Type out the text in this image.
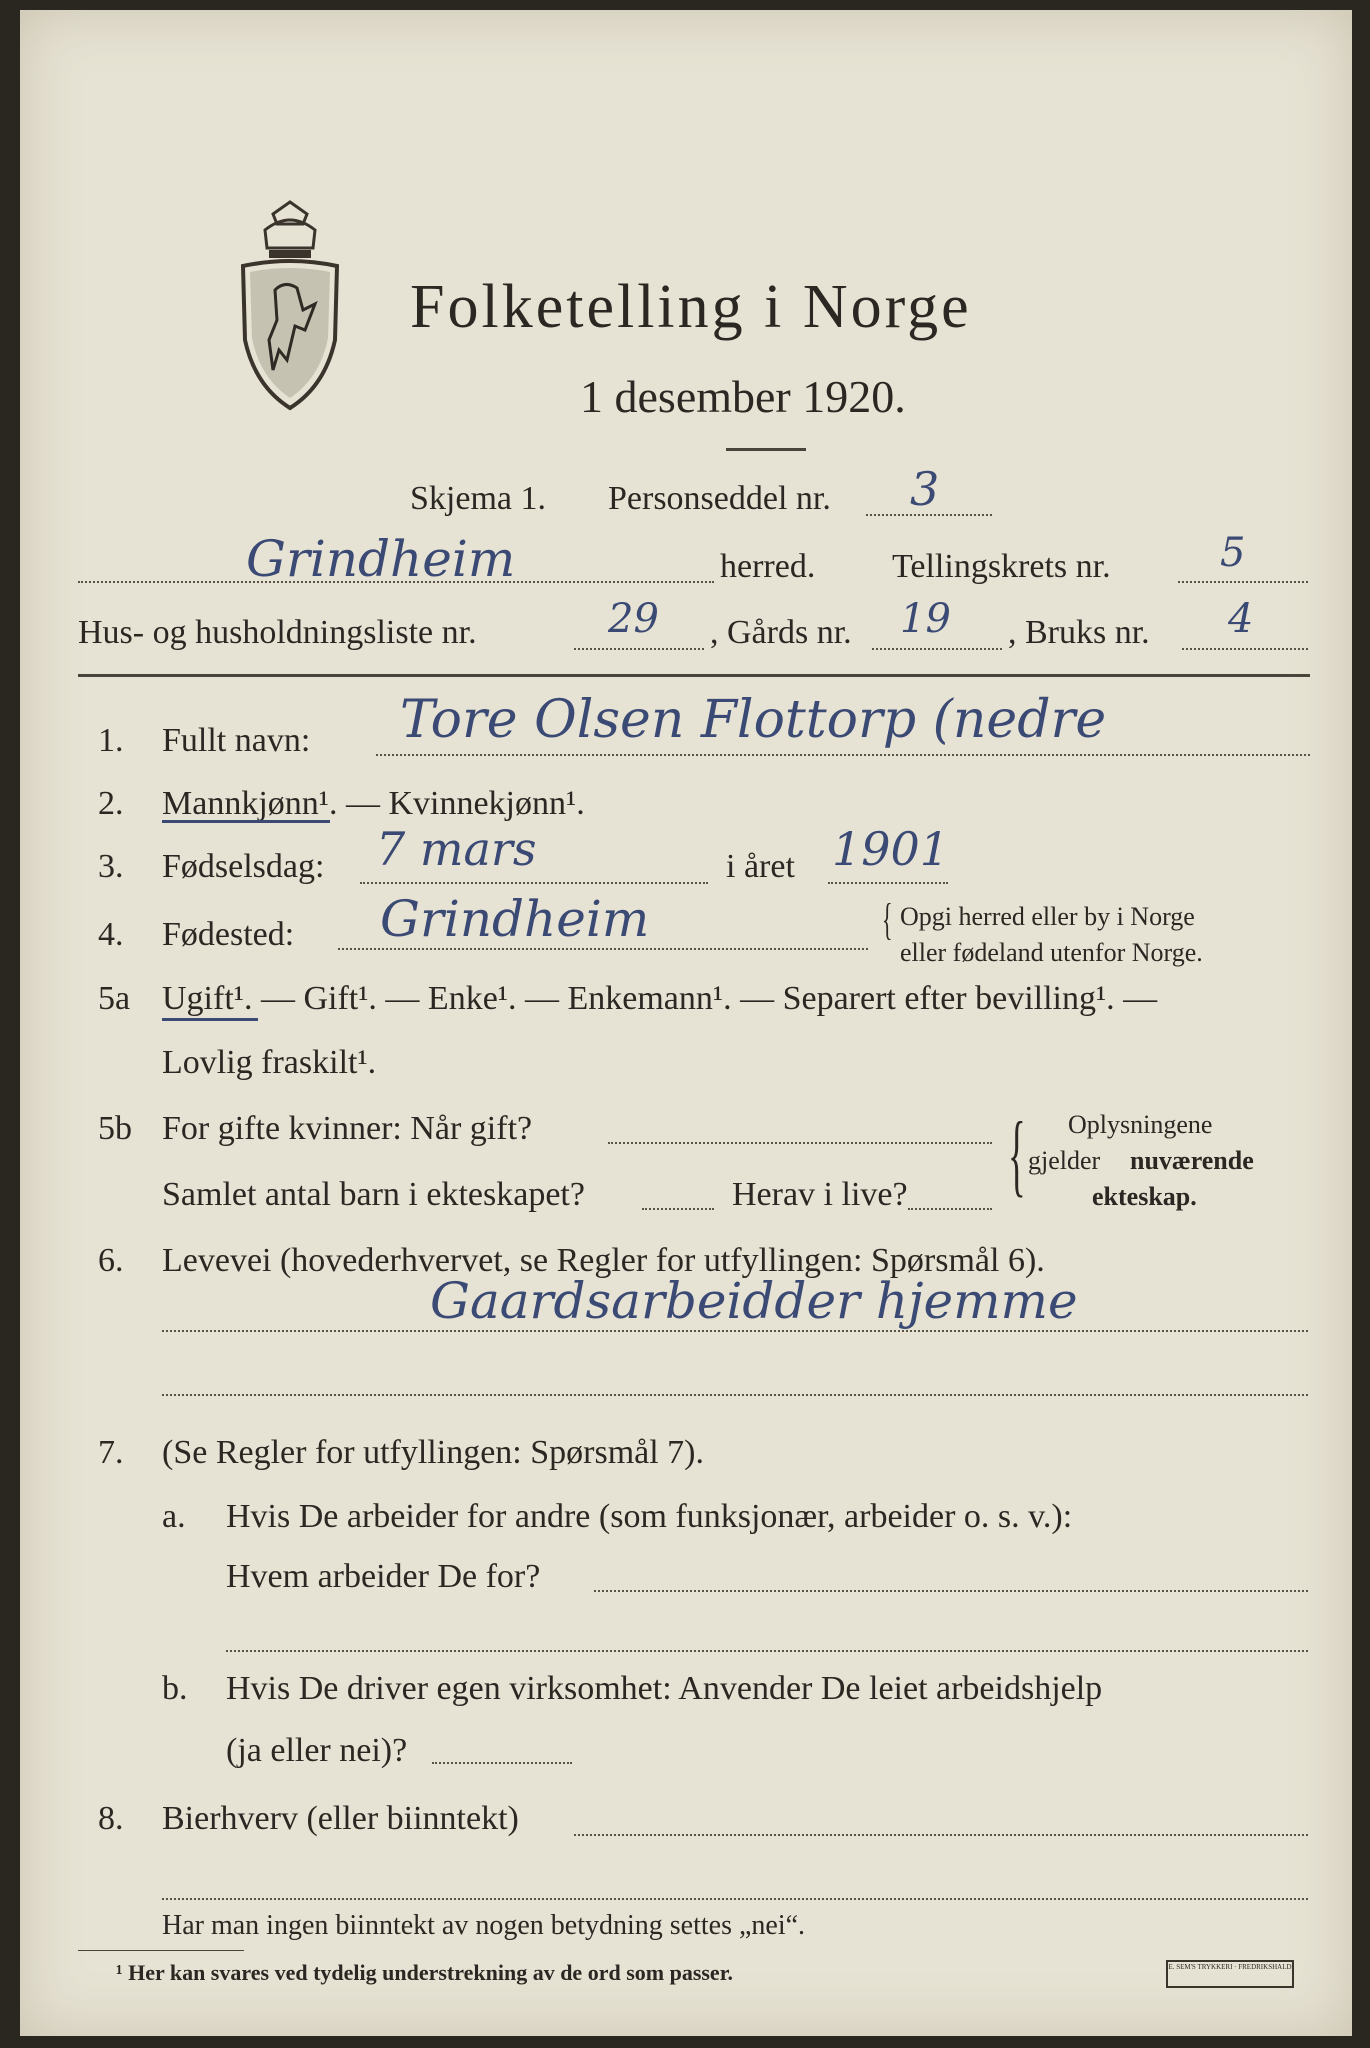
Folketelling i Norge
1 desember 1920.
Skjema 1. Personseddel nr. 3
Grindheim	herred. Tellingskrets nr.	5
Hus- og husholdningsliste nr.	29 , Gårds nr. 19 , Bruks nr. 4
1. Fullt navn: Tore Olsen Flottorp (nedre
2. Mannkjønn¹. — Kvinnekjønn¹.
3. Fødselsdag: 7 mars	i året 1901
4. Fødested: Grindheim	{ Opgi herred eller by i Norge
eller fødeland utenfor Norge.
5a Ugift¹. — Gift¹. — Enke¹. — Enkemann¹. — Separert efter bevilling¹. —
Lovlig fraskilt¹.
5b For gifte kvinner: Når gift?
Samlet antal barn i ekteskapet?	Herav i live? { Oplysningene
gjelder nuværende
ekteskap.
6. Levevei (hovederhvervet, se Regler for utfyllingen: Spørsmål 6).
Gaardsarbeidder hjemme
7. (Se Regler for utfyllingen: Spørsmål 7).
a. Hvis De arbeider for andre (som funksjonær, arbeider o. s. v.):
Hvem arbeider De for?
b. Hvis De driver egen virksomhet: Anvender De leiet arbeidshjelp
(ja eller nei)?
8. Bierhverv (eller biinntekt)
Har man ingen biinntekt av nogen betydning settes „nei“.
¹ Her kan svares ved tydelig understrekning av de ord som passer.	E. SEM'S TRYKKERI · FREDRIKSHALD
